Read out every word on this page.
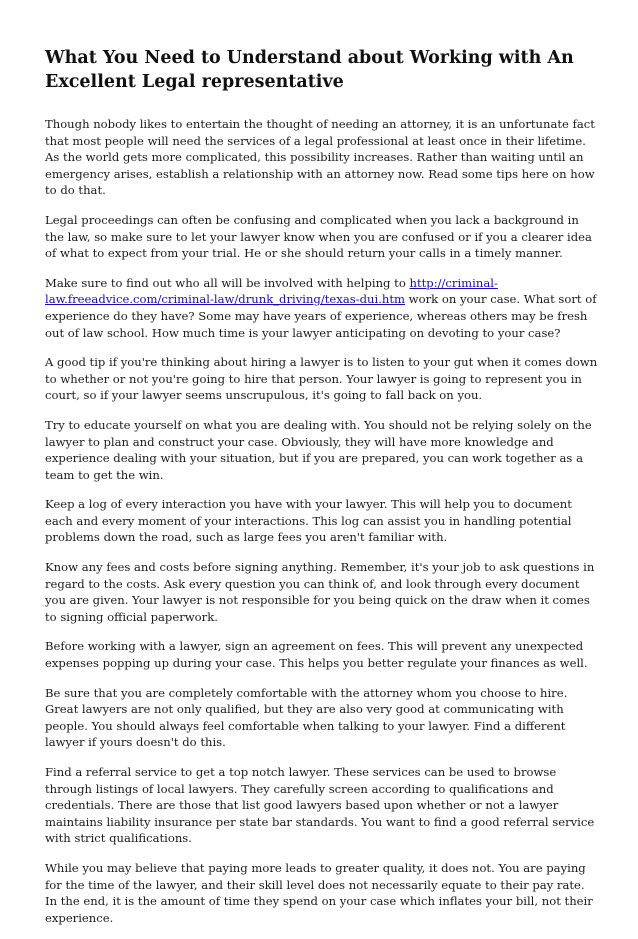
What You Need to Understand about Working with An Excellent Legal representative

Though nobody likes to entertain the thought of needing an attorney, it is an unfortunate fact that most people will need the services of a legal professional at least once in their lifetime. As the world gets more complicated, this possibility increases. Rather than waiting until an emergency arises, establish a relationship with an attorney now. Read some tips here on how to do that.

Legal proceedings can often be confusing and complicated when you lack a background in the law, so make sure to let your lawyer know when you are confused or if you a clearer idea of what to expect from your trial. He or she should return your calls in a timely manner.

Make sure to find out who all will be involved with helping to http://criminal-law.freeadvice.com/criminal-law/drunk_driving/texas-dui.htm work on your case. What sort of experience do they have? Some may have years of experience, whereas others may be fresh out of law school. How much time is your lawyer anticipating on devoting to your case?

A good tip if you're thinking about hiring a lawyer is to listen to your gut when it comes down to whether or not you're going to hire that person. Your lawyer is going to represent you in court, so if your lawyer seems unscrupulous, it's going to fall back on you.

Try to educate yourself on what you are dealing with. You should not be relying solely on the lawyer to plan and construct your case. Obviously, they will have more knowledge and experience dealing with your situation, but if you are prepared, you can work together as a team to get the win.

Keep a log of every interaction you have with your lawyer. This will help you to document each and every moment of your interactions. This log can assist you in handling potential problems down the road, such as large fees you aren't familiar with.

Know any fees and costs before signing anything. Remember, it's your job to ask questions in regard to the costs. Ask every question you can think of, and look through every document you are given. Your lawyer is not responsible for you being quick on the draw when it comes to signing official paperwork.

Before working with a lawyer, sign an agreement on fees. This will prevent any unexpected expenses popping up during your case. This helps you better regulate your finances as well.

Be sure that you are completely comfortable with the attorney whom you choose to hire. Great lawyers are not only qualified, but they are also very good at communicating with people. You should always feel comfortable when talking to your lawyer. Find a different lawyer if yours doesn't do this.

Find a referral service to get a top notch lawyer. These services can be used to browse through listings of local lawyers. They carefully screen according to qualifications and credentials. There are those that list good lawyers based upon whether or not a lawyer maintains liability insurance per state bar standards. You want to find a good referral service with strict qualifications.

While you may believe that paying more leads to greater quality, it does not. You are paying for the time of the lawyer, and their skill level does not necessarily equate to their pay rate. In the end, it is the amount of time they spend on your case which inflates your bill, not their experience.
